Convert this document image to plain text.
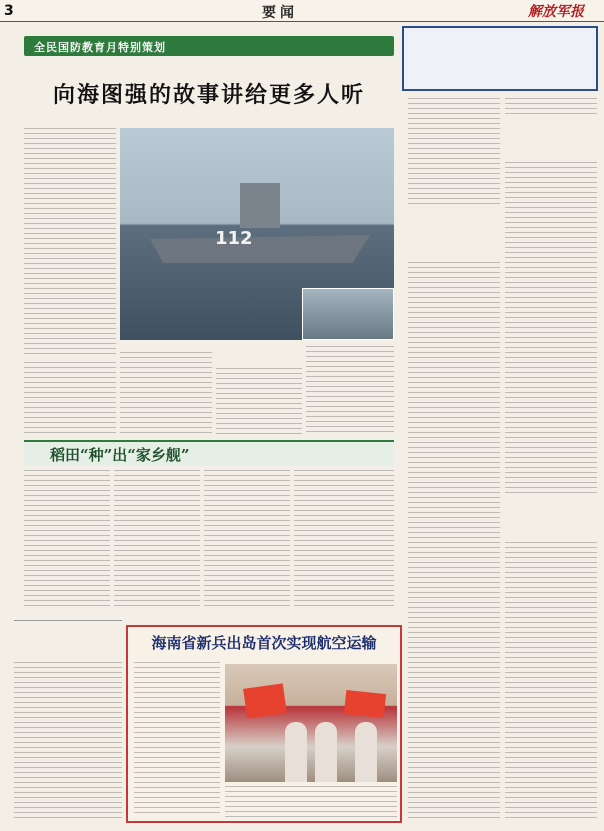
3	要闻	解放军报
全民国防教育月特别策划
向海图强的故事讲给更多人听
112
稻田“种”出“家乡舰”
海南省新兵出岛首次实现航空运输
